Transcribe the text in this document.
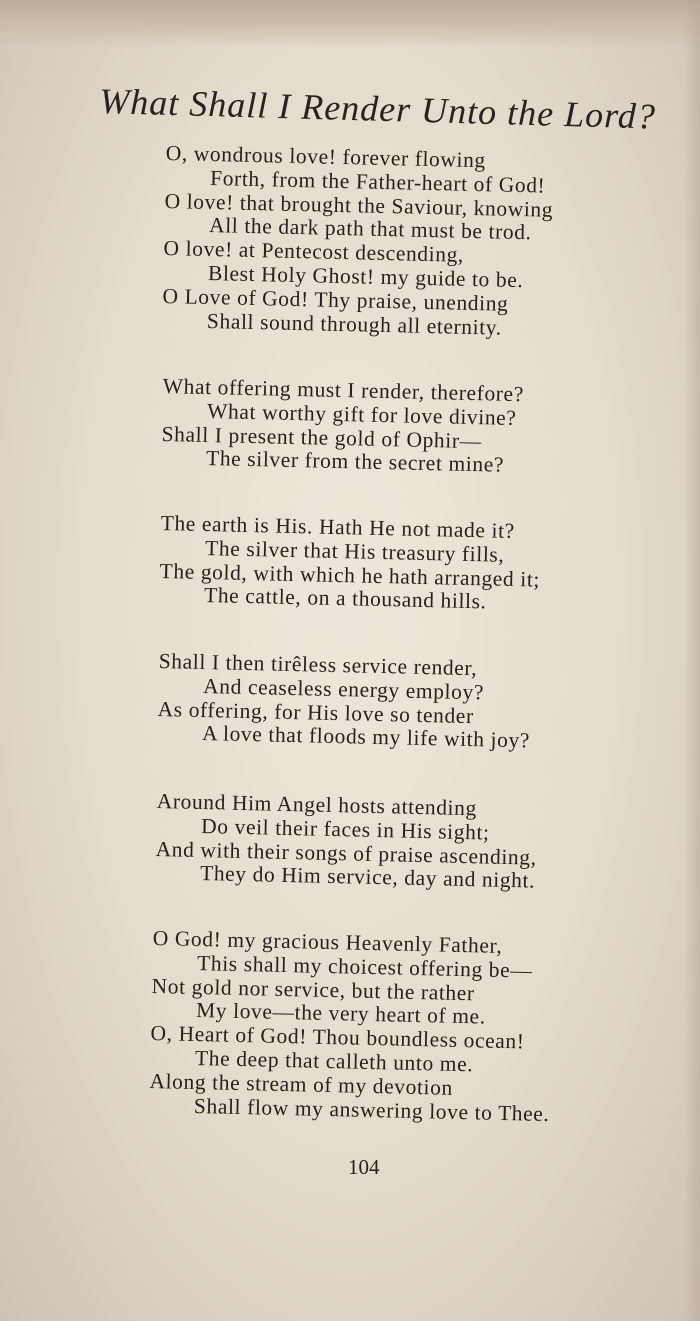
What Shall I Render Unto the Lord?

O, wondrous love! forever flowing
Forth, from the Father-heart of God!
O love! that brought the Saviour, knowing
All the dark path that must be trod.
O love! at Pentecost descending,
Blest Holy Ghost! my guide to be.
O Love of God! Thy praise, unending
Shall sound through all eternity.

What offering must I render, therefore?
What worthy gift for love divine?
Shall I present the gold of Ophir—
The silver from the secret mine?

The earth is His. Hath He not made it?
The silver that His treasury fills,
The gold, with which he hath arranged it;
The cattle, on a thousand hills.

Shall I then tirêless service render,
And ceaseless energy employ?
As offering, for His love so tender
A love that floods my life with joy?

Around Him Angel hosts attending
Do veil their faces in His sight;
And with their songs of praise ascending,
They do Him service, day and night.

O God! my gracious Heavenly Father,
This shall my choicest offering be—
Not gold nor service, but the rather
My love—the very heart of me.
O, Heart of God! Thou boundless ocean!
The deep that calleth unto me.
Along the stream of my devotion
Shall flow my answering love to Thee.

104
